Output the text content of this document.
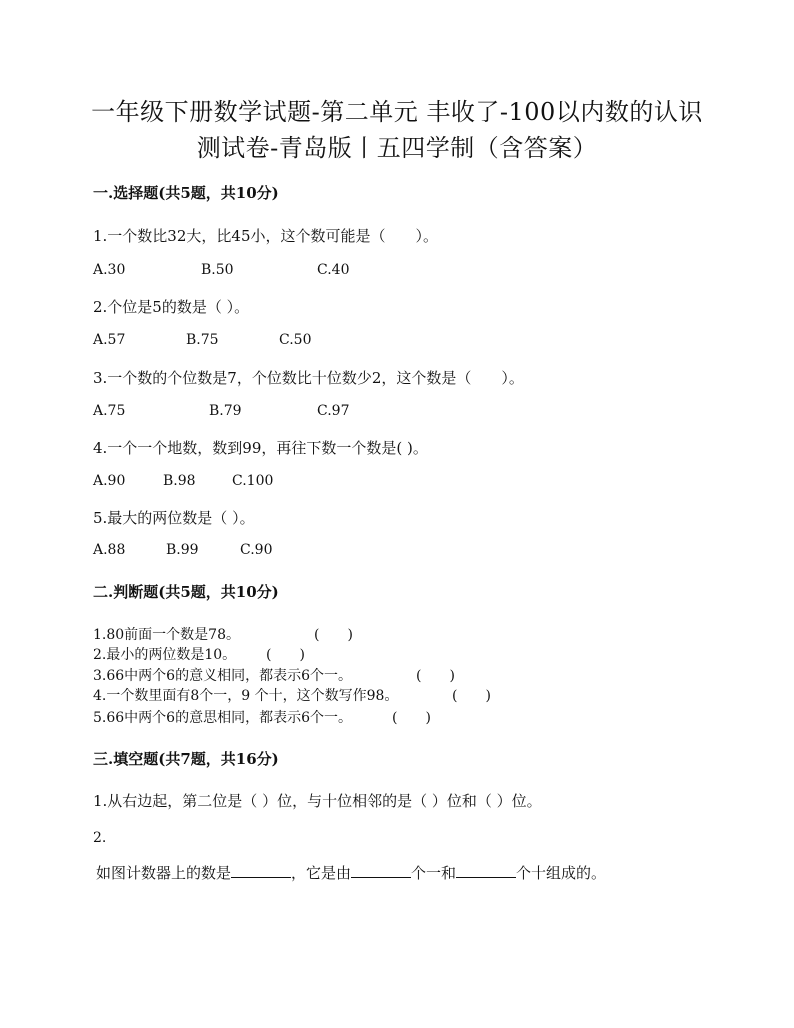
一年级下册数学试题-第二单元 丰收了-100以内数的认识
测试卷-青岛版丨五四学制（含答案）
一.选择题(共5题，共10分)
1.一个数比32大，比45小，这个数可能是（　　）。
A.30	B.50	C.40
2.个位是5的数是（ ）。
A.57	B.75	C.50
3.一个数的个位数是7，个位数比十位数少2，这个数是（　　）。
A.75	B.79	C.97
4.一个一个地数，数到99，再往下数一个数是( )。
A.90	B.98	C.100
5.最大的两位数是（ ）。
A.88	B.99	C.90
二.判断题(共5题，共10分)
1.80前面一个数是78。	(　　)
2.最小的两位数是10。 (　　)
3.66中两个6的意义相同，都表示6个一。	(　　)
4.一个数里面有8个一，9 个十，这个数写作98。	(　　)
5.66中两个6的意思相同，都表示6个一。	(　　)
三.填空题(共7题，共16分)
1.从右边起，第二位是（ ）位，与十位相邻的是（ ）位和（ ）位。
2.
如图计数器上的数是	，它是由	个一和	个十组成的。
